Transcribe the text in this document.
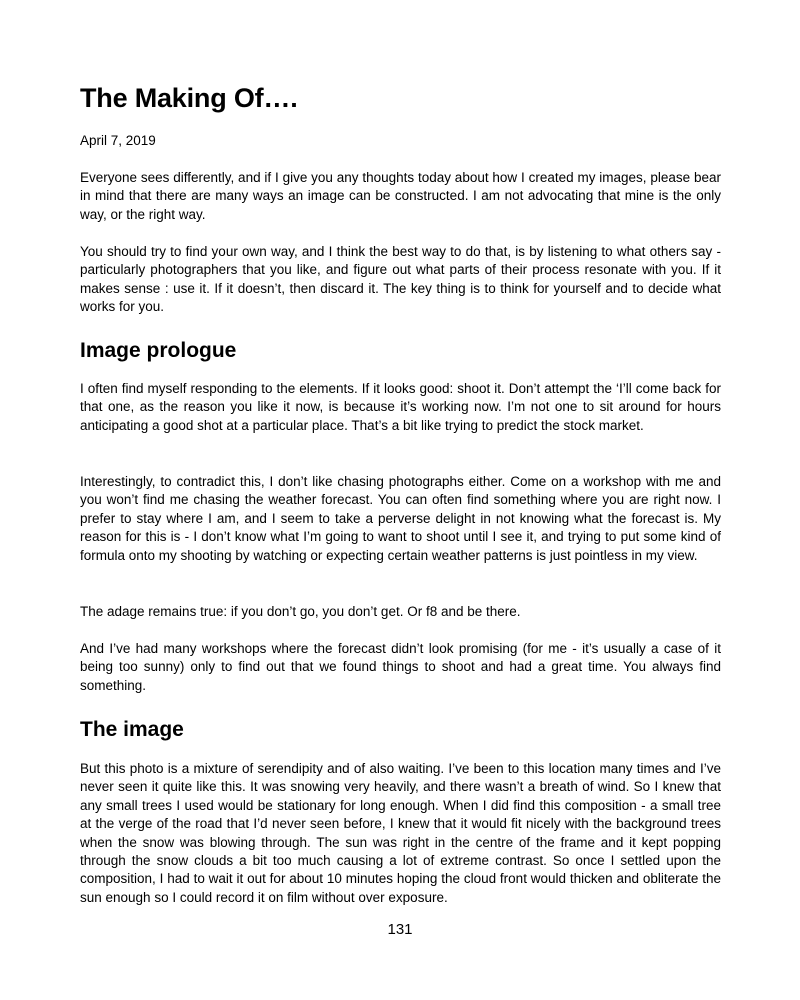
The Making Of….

April 7, 2019

Everyone sees differently, and if I give you any thoughts today about how I created my images, please bear in mind that there are many ways an image can be constructed. I am not advocating that mine is the only way, or the right way.

You should try to find your own way, and I think the best way to do that, is by listening to what others say - particularly photographers that you like, and figure out what parts of their process resonate with you. If it makes sense : use it. If it doesn’t, then discard it. The key thing is to think for yourself and to decide what works for you.

Image prologue

I often find myself responding to the elements. If it looks good: shoot it. Don’t attempt the ‘I’ll come back for that one, as the reason you like it now, is because it’s working now. I’m not one to sit around for hours anticipating a good shot at a particular place. That’s a bit like trying to predict the stock market.

Interestingly, to contradict this, I don’t like chasing photographs either. Come on a workshop with me and you won’t find me chasing the weather forecast. You can often find something where you are right now. I prefer to stay where I am, and I seem to take a perverse delight in not knowing what the forecast is. My reason for this is - I don’t know what I’m going to want to shoot until I see it, and trying to put some kind of formula onto my shooting by watching or expecting certain weather patterns is just pointless in my view.

The adage remains true: if you don’t go, you don’t get. Or f8 and be there.

And I’ve had many workshops where the forecast didn’t look promising (for me - it’s usually a case of it being too sunny) only to find out that we found things to shoot and had a great time. You always find something.

The image

But this photo is a mixture of serendipity and of also waiting. I’ve been to this location many times and I’ve never seen it quite like this. It was snowing very heavily, and there wasn’t a breath of wind. So I knew that any small trees I used would be stationary for long enough. When I did find this composition - a small tree at the verge of the road that I’d never seen before, I knew that it would fit nicely with the background trees when the snow was blowing through. The sun was right in the centre of the frame and it kept popping through the snow clouds a bit too much causing a lot of extreme contrast. So once I settled upon the composition, I had to wait it out for about 10 minutes hoping the cloud front would thicken and obliterate the sun enough so I could record it on film without over exposure.

131
